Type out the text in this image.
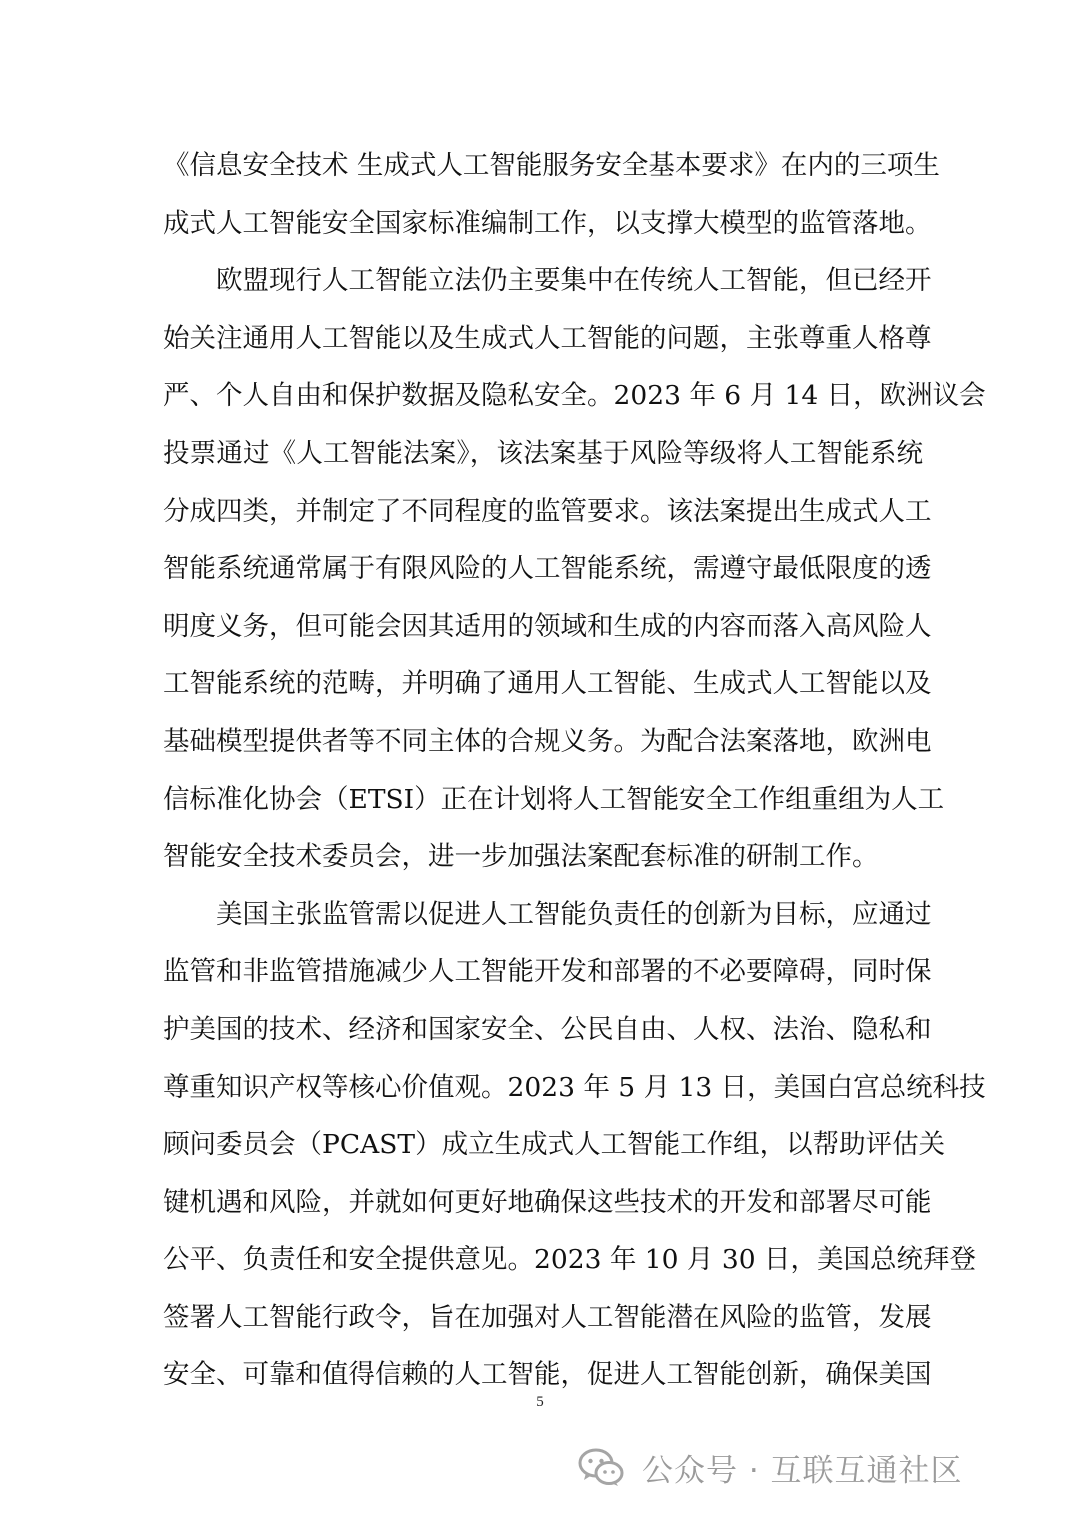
《信息安全技术 生成式人工智能服务安全基本要求》在内的三项生
成式人工智能安全国家标准编制工作，以支撑大模型的监管落地。
欧盟现行人工智能立法仍主要集中在传统人工智能，但已经开
始关注通用人工智能以及生成式人工智能的问题，主张尊重人格尊
严、个人自由和保护数据及隐私安全。2023 年 6 月 14 日，欧洲议会
投票通过《人工智能法案》，该法案基于风险等级将人工智能系统
分成四类，并制定了不同程度的监管要求。该法案提出生成式人工
智能系统通常属于有限风险的人工智能系统，需遵守最低限度的透
明度义务，但可能会因其适用的领域和生成的内容而落入高风险人
工智能系统的范畴，并明确了通用人工智能、生成式人工智能以及
基础模型提供者等不同主体的合规义务。为配合法案落地，欧洲电
信标准化协会（ETSI）正在计划将人工智能安全工作组重组为人工
智能安全技术委员会，进一步加强法案配套标准的研制工作。
美国主张监管需以促进人工智能负责任的创新为目标，应通过
监管和非监管措施减少人工智能开发和部署的不必要障碍，同时保
护美国的技术、经济和国家安全、公民自由、人权、法治、隐私和
尊重知识产权等核心价值观。2023 年 5 月 13 日，美国白宫总统科技
顾问委员会（PCAST）成立生成式人工智能工作组，以帮助评估关
键机遇和风险，并就如何更好地确保这些技术的开发和部署尽可能
公平、负责任和安全提供意见。2023 年 10 月 30 日，美国总统拜登
签署人工智能行政令，旨在加强对人工智能潜在风险的监管，发展
安全、可靠和值得信赖的人工智能，促进人工智能创新，确保美国
5
公众号 · 互联互通社区
